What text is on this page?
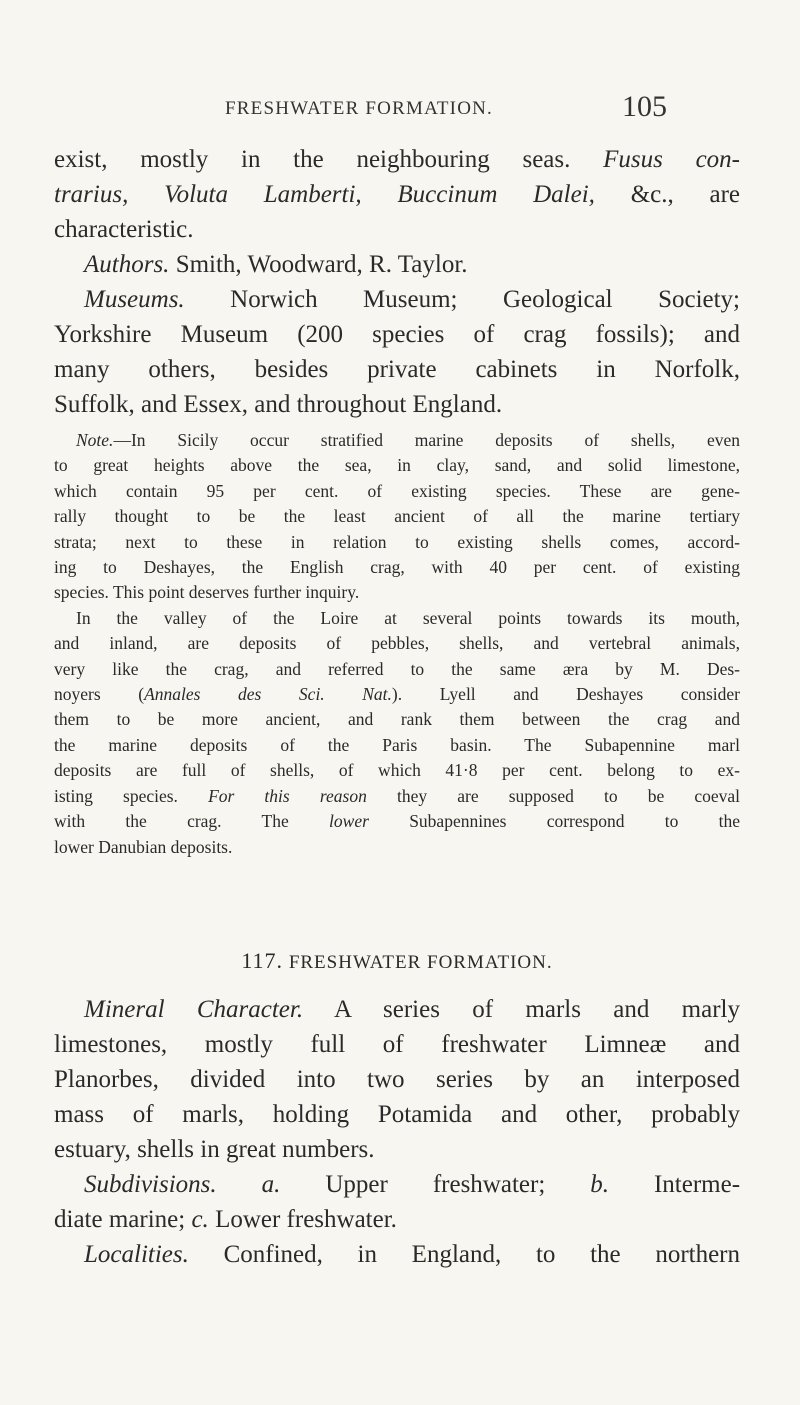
FRESHWATER FORMATION.	105
exist, mostly in the neighbouring seas. Fusus con-
trarius, Voluta Lamberti, Buccinum Dalei, &c., are
characteristic.
Authors. Smith, Woodward, R. Taylor.
Museums. Norwich Museum; Geological Society;
Yorkshire Museum (200 species of crag fossils); and
many others, besides private cabinets in Norfolk,
Suffolk, and Essex, and throughout England.
Note.—In Sicily occur stratified marine deposits of shells, even
to great heights above the sea, in clay, sand, and solid limestone,
which contain 95 per cent. of existing species. These are gene-
rally thought to be the least ancient of all the marine tertiary
strata; next to these in relation to existing shells comes, accord-
ing to Deshayes, the English crag, with 40 per cent. of existing
species. This point deserves further inquiry.
In the valley of the Loire at several points towards its mouth,
and inland, are deposits of pebbles, shells, and vertebral animals,
very like the crag, and referred to the same æra by M. Des-
noyers (Annales des Sci. Nat.). Lyell and Deshayes consider
them to be more ancient, and rank them between the crag and
the marine deposits of the Paris basin. The Subapennine marl
deposits are full of shells, of which 41·8 per cent. belong to ex-
isting species. For this reason they are supposed to be coeval
with the crag. The lower Subapennines correspond to the
lower Danubian deposits.
117. FRESHWATER FORMATION.
Mineral Character. A series of marls and marly
limestones, mostly full of freshwater Limneæ and
Planorbes, divided into two series by an interposed
mass of marls, holding Potamida and other, probably
estuary, shells in great numbers.
Subdivisions. a. Upper freshwater; b. Interme-
diate marine; c. Lower freshwater.
Localities. Confined, in England, to the northern
